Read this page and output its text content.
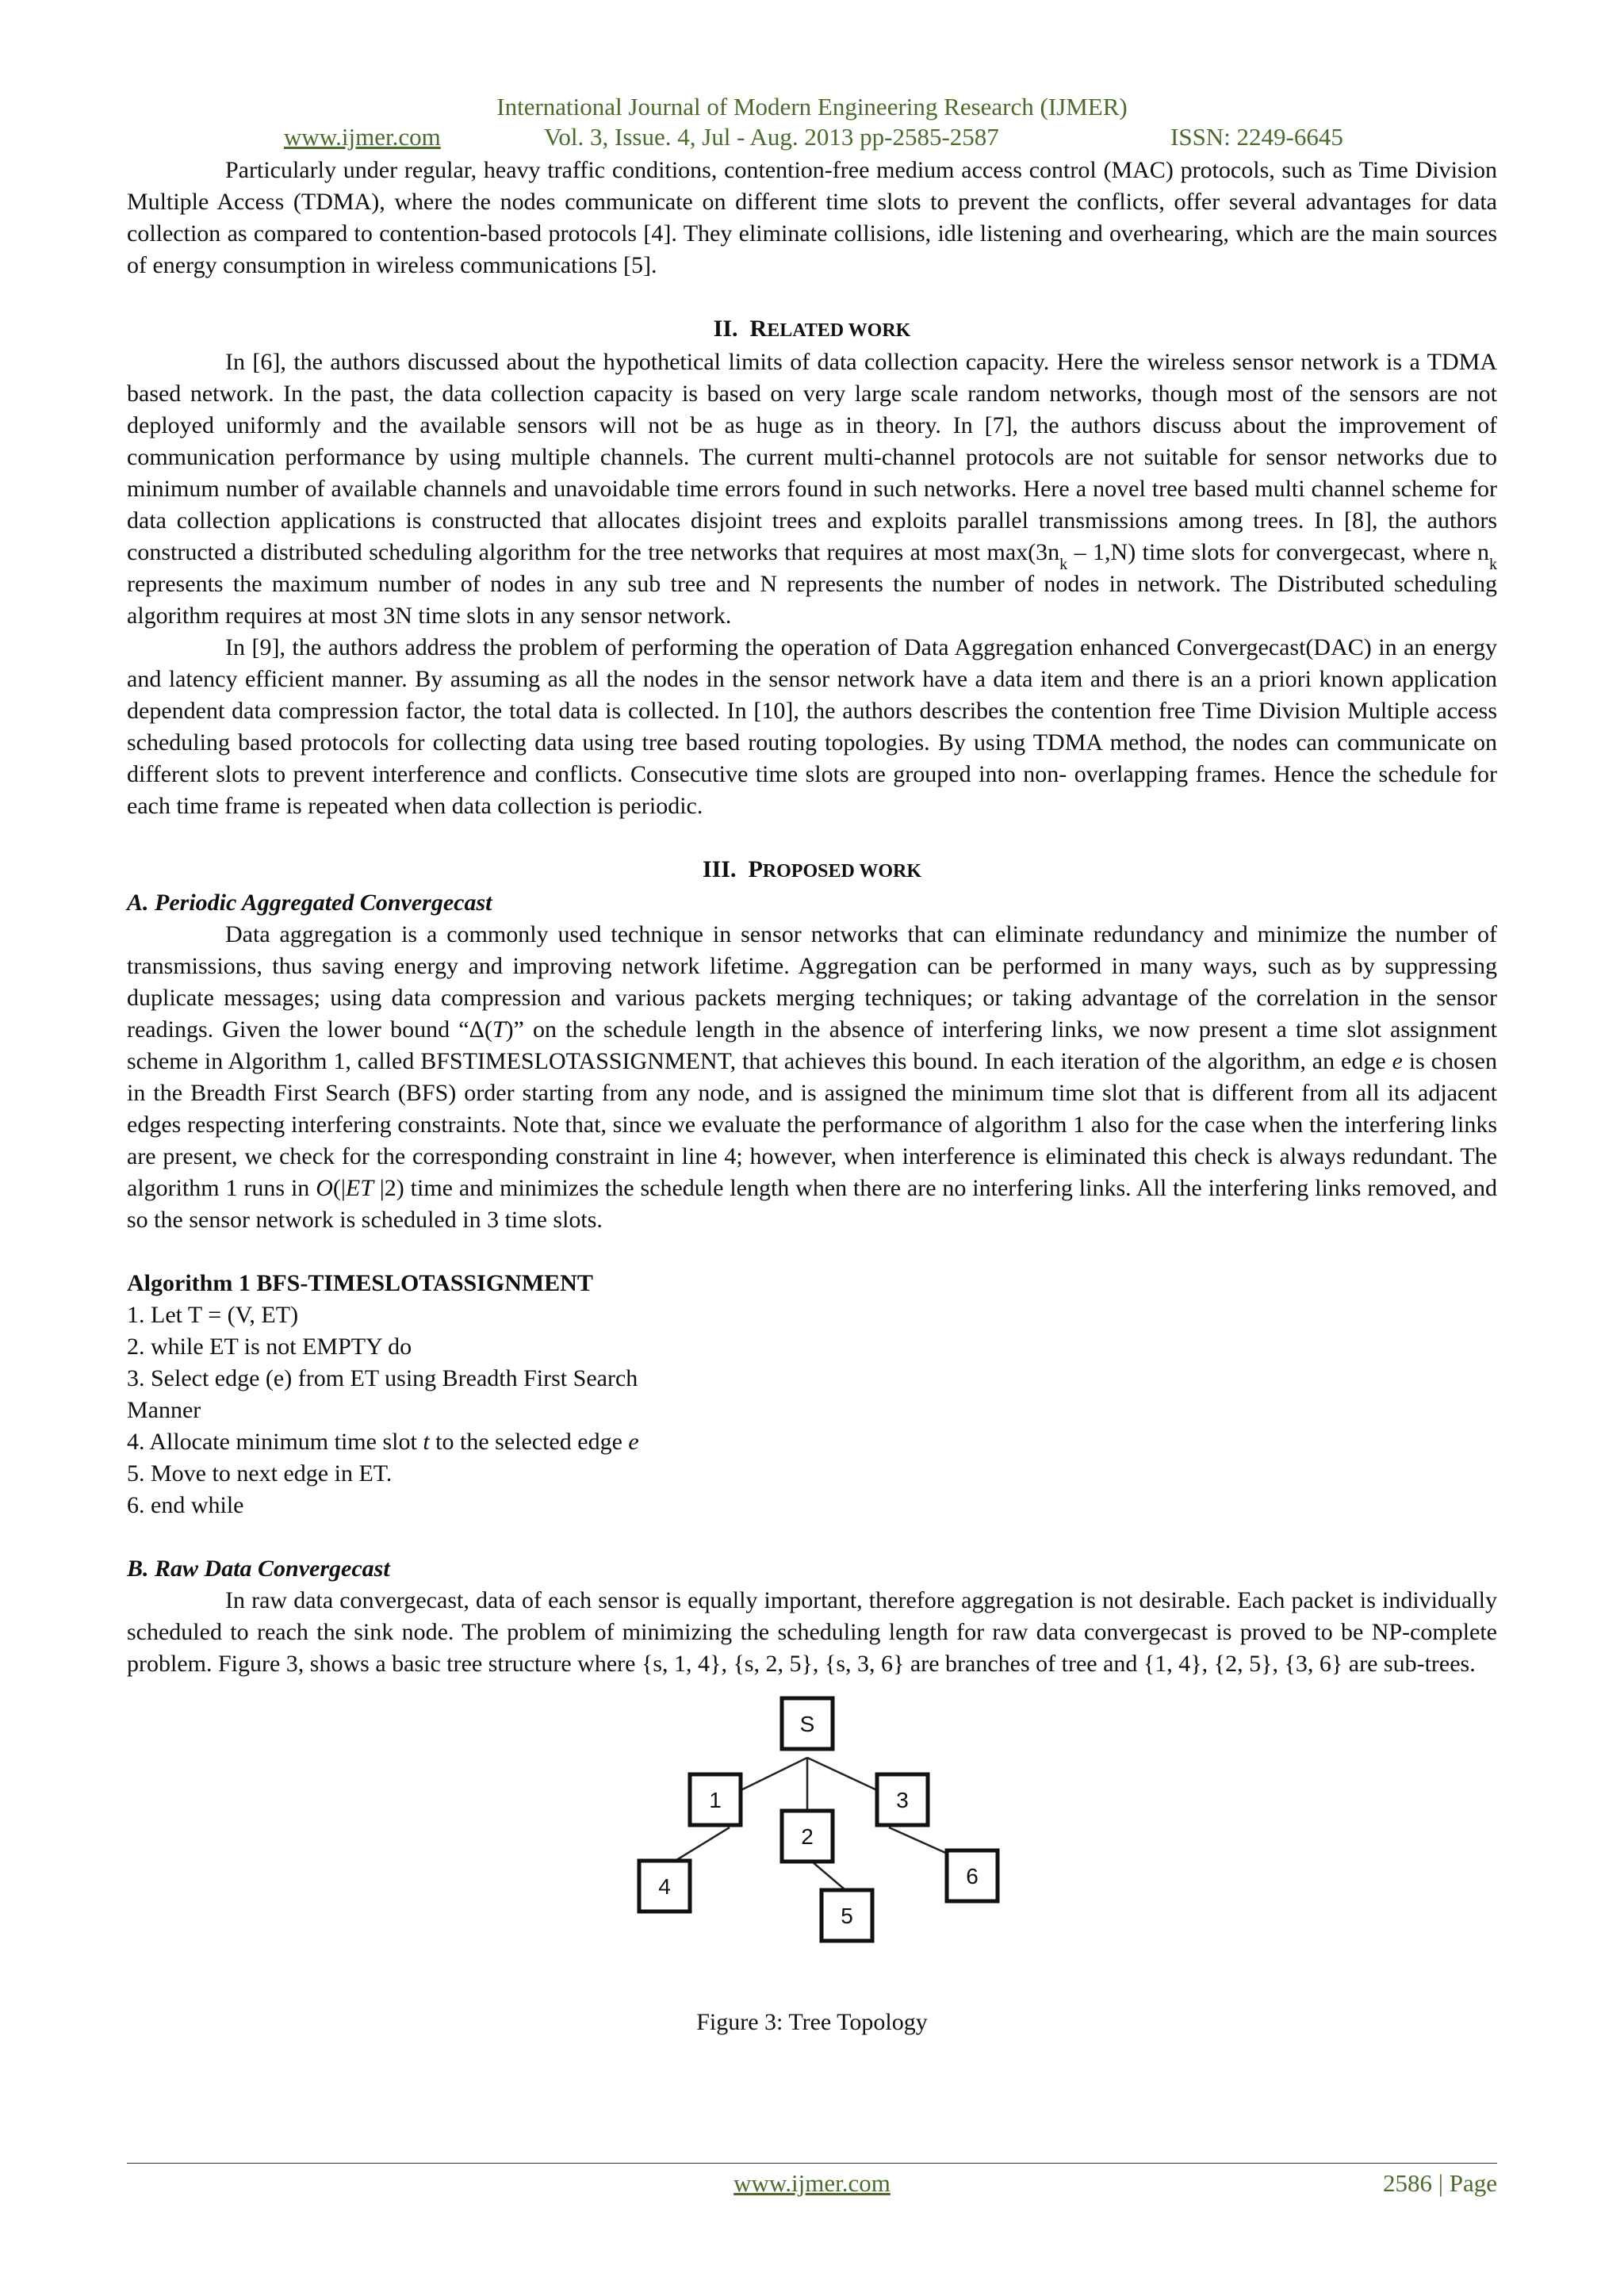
International Journal of Modern Engineering Research (IJMER)
www.ijmer.com	Vol. 3, Issue. 4, Jul - Aug. 2013 pp-2585-2587	ISSN: 2249-6645

Particularly under regular, heavy traffic conditions, contention-free medium access control (MAC) protocols, such as Time Division Multiple Access (TDMA), where the nodes communicate on different time slots to prevent the conflicts, offer several advantages for data collection as compared to contention-based protocols [4]. They eliminate collisions, idle listening and overhearing, which are the main sources of energy consumption in wireless communications [5].

II. RELATED WORK

In [6], the authors discussed about the hypothetical limits of data collection capacity. Here the wireless sensor network is a TDMA based network. In the past, the data collection capacity is based on very large scale random networks, though most of the sensors are not deployed uniformly and the available sensors will not be as huge as in theory. In [7], the authors discuss about the improvement of communication performance by using multiple channels. The current multi-channel protocols are not suitable for sensor networks due to minimum number of available channels and unavoidable time errors found in such networks. Here a novel tree based multi channel scheme for data collection applications is constructed that allocates disjoint trees and exploits parallel transmissions among trees. In [8], the authors constructed a distributed scheduling algorithm for the tree networks that requires at most $\max(3n_k - 1,N)$ time slots for convergecast, where $n_k$ represents the maximum number of nodes in any sub tree and N represents the number of nodes in network. The Distributed scheduling algorithm requires at most 3N time slots in any sensor network.

In [9], the authors address the problem of performing the operation of Data Aggregation enhanced Convergecast(DAC) in an energy and latency efficient manner. By assuming as all the nodes in the sensor network have a data item and there is an a priori known application dependent data compression factor, the total data is collected. In [10], the authors describes the contention free Time Division Multiple access scheduling based protocols for collecting data using tree based routing topologies. By using TDMA method, the nodes can communicate on different slots to prevent interference and conflicts. Consecutive time slots are grouped into non- overlapping frames. Hence the schedule for each time frame is repeated when data collection is periodic.

III. PROPOSED WORK
A. Periodic Aggregated Convergecast

Data aggregation is a commonly used technique in sensor networks that can eliminate redundancy and minimize the number of transmissions, thus saving energy and improving network lifetime. Aggregation can be performed in many ways, such as by suppressing duplicate messages; using data compression and various packets merging techniques; or taking advantage of the correlation in the sensor readings. Given the lower bound “Δ(T)” on the schedule length in the absence of interfering links, we now present a time slot assignment scheme in Algorithm 1, called BFSTIMESLOTASSIGNMENT, that achieves this bound. In each iteration of the algorithm, an edge e is chosen in the Breadth First Search (BFS) order starting from any node, and is assigned the minimum time slot that is different from all its adjacent edges respecting interfering constraints. Note that, since we evaluate the performance of algorithm 1 also for the case when the interfering links are present, we check for the corresponding constraint in line 4; however, when interference is eliminated this check is always redundant. The algorithm 1 runs in O(|ET |2) time and minimizes the schedule length when there are no interfering links. All the interfering links removed, and so the sensor network is scheduled in 3 time slots.

Algorithm 1 BFS-TIMESLOTASSIGNMENT
1. Let T = (V, ET)
2. while ET is not EMPTY do
3. Select edge (e) from ET using Breadth First Search
Manner
4. Allocate minimum time slot t to the selected edge e
5. Move to next edge in ET.
6. end while
B. Raw Data Convergecast

In raw data convergecast, data of each sensor is equally important, therefore aggregation is not desirable. Each packet is individually scheduled to reach the sink node. The problem of minimizing the scheduling length for raw data convergecast is proved to be NP-complete problem. Figure 3, shows a basic tree structure where {s, 1, 4}, {s, 2, 5}, {s, 3, 6} are branches of tree and {1, 4}, {2, 5}, {3, 6} are sub-trees.

S
1
2
3
4
5
6
Figure 3: Tree Topology
www.ijmer.com	2586 | Page
